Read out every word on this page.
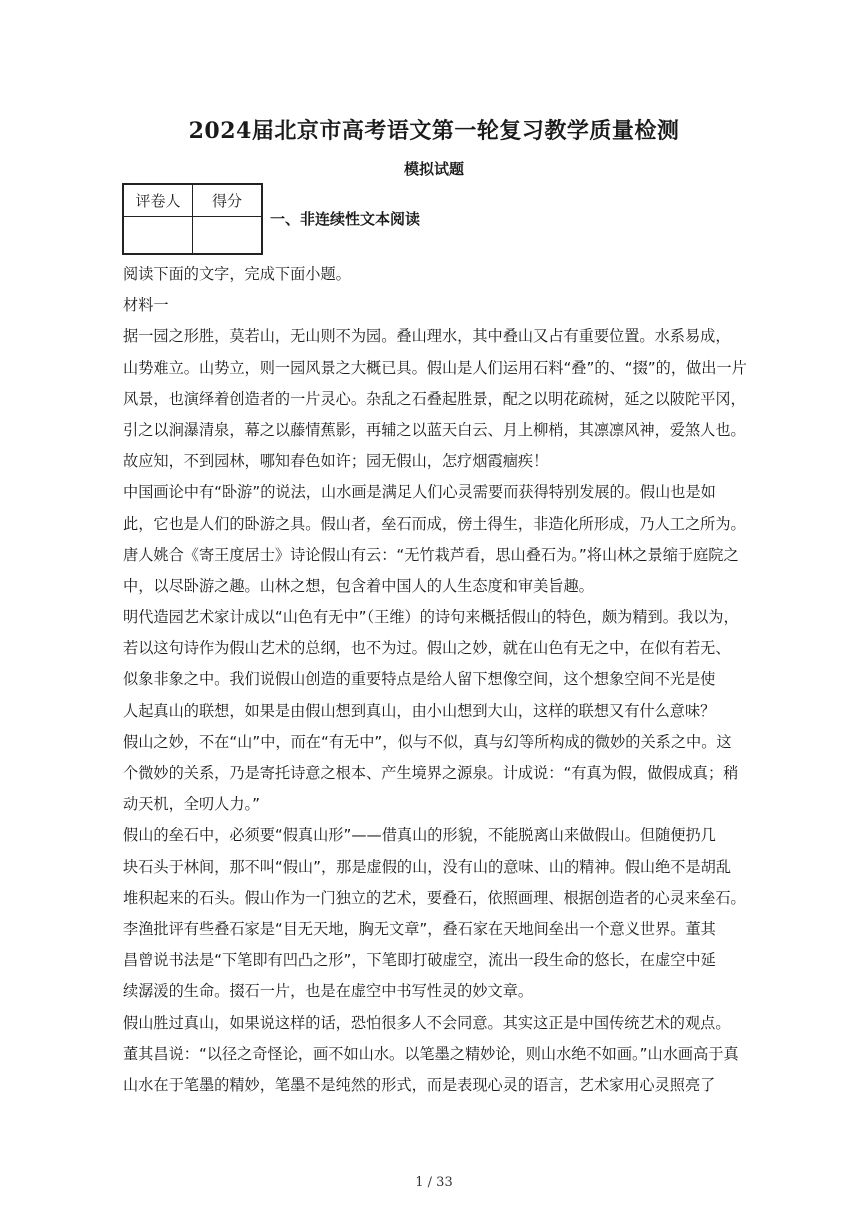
2024届北京市高考语文第一轮复习教学质量检测
模拟试题
评卷人	得分

一、非连续性文本阅读
阅读下面的文字，完成下面小题。
材料一
据一园之形胜，莫若山，无山则不为园。叠山理水，其中叠山又占有重要位置。水系易成，
山势难立。山势立，则一园风景之大概已具。假山是人们运用石料“叠”的、“掇”的，做出一片
风景，也演绎着创造者的一片灵心。杂乱之石叠起胜景，配之以明花疏树，延之以陂陀平冈，
引之以涧瀑清泉，幕之以藤情蕉影，再辅之以蓝天白云、月上柳梢，其凛凛风神，爱煞人也。
故应知，不到园林，哪知春色如许；园无假山，怎疗烟霞痼疾！
中国画论中有“卧游”的说法，山水画是满足人们心灵需要而获得特别发展的。假山也是如
此，它也是人们的卧游之具。假山者，垒石而成，傍土得生，非造化所形成，乃人工之所为。
唐人姚合《寄王度居士》诗论假山有云：“无竹栽芦看，思山叠石为。”将山林之景缩于庭院之
中，以尽卧游之趣。山林之想，包含着中国人的人生态度和审美旨趣。
明代造园艺术家计成以“山色有无中”（王维）的诗句来概括假山的特色，颇为精到。我以为，
若以这句诗作为假山艺术的总纲，也不为过。假山之妙，就在山色有无之中，在似有若无、
似象非象之中。我们说假山创造的重要特点是给人留下想像空间，这个想象空间不光是使
人起真山的联想，如果是由假山想到真山，由小山想到大山，这样的联想又有什么意味？
假山之妙，不在“山”中，而在“有无中”，似与不似，真与幻等所构成的微妙的关系之中。这
个微妙的关系，乃是寄托诗意之根本、产生境界之源泉。计成说：“有真为假，做假成真；稍
动天机，全叨人力。”
假山的垒石中，必须要“假真山形”——借真山的形貌，不能脱离山来做假山。但随便扔几
块石头于林间，那不叫“假山”，那是虚假的山，没有山的意味、山的精神。假山绝不是胡乱
堆积起来的石头。假山作为一门独立的艺术，要叠石，依照画理、根据创造者的心灵来垒石。
李渔批评有些叠石家是“目无天地，胸无文章”，叠石家在天地间垒出一个意义世界。董其
昌曾说书法是“下笔即有凹凸之形”，下笔即打破虚空，流出一段生命的悠长，在虚空中延
续潺湲的生命。掇石一片，也是在虚空中书写性灵的妙文章。
假山胜过真山，如果说这样的话，恐怕很多人不会同意。其实这正是中国传统艺术的观点。
董其昌说：“以径之奇怪论，画不如山水。以笔墨之精妙论，则山水绝不如画。”山水画高于真
山水在于笔墨的精妙，笔墨不是纯然的形式，而是表现心灵的语言，艺术家用心灵照亮了
1 / 33
